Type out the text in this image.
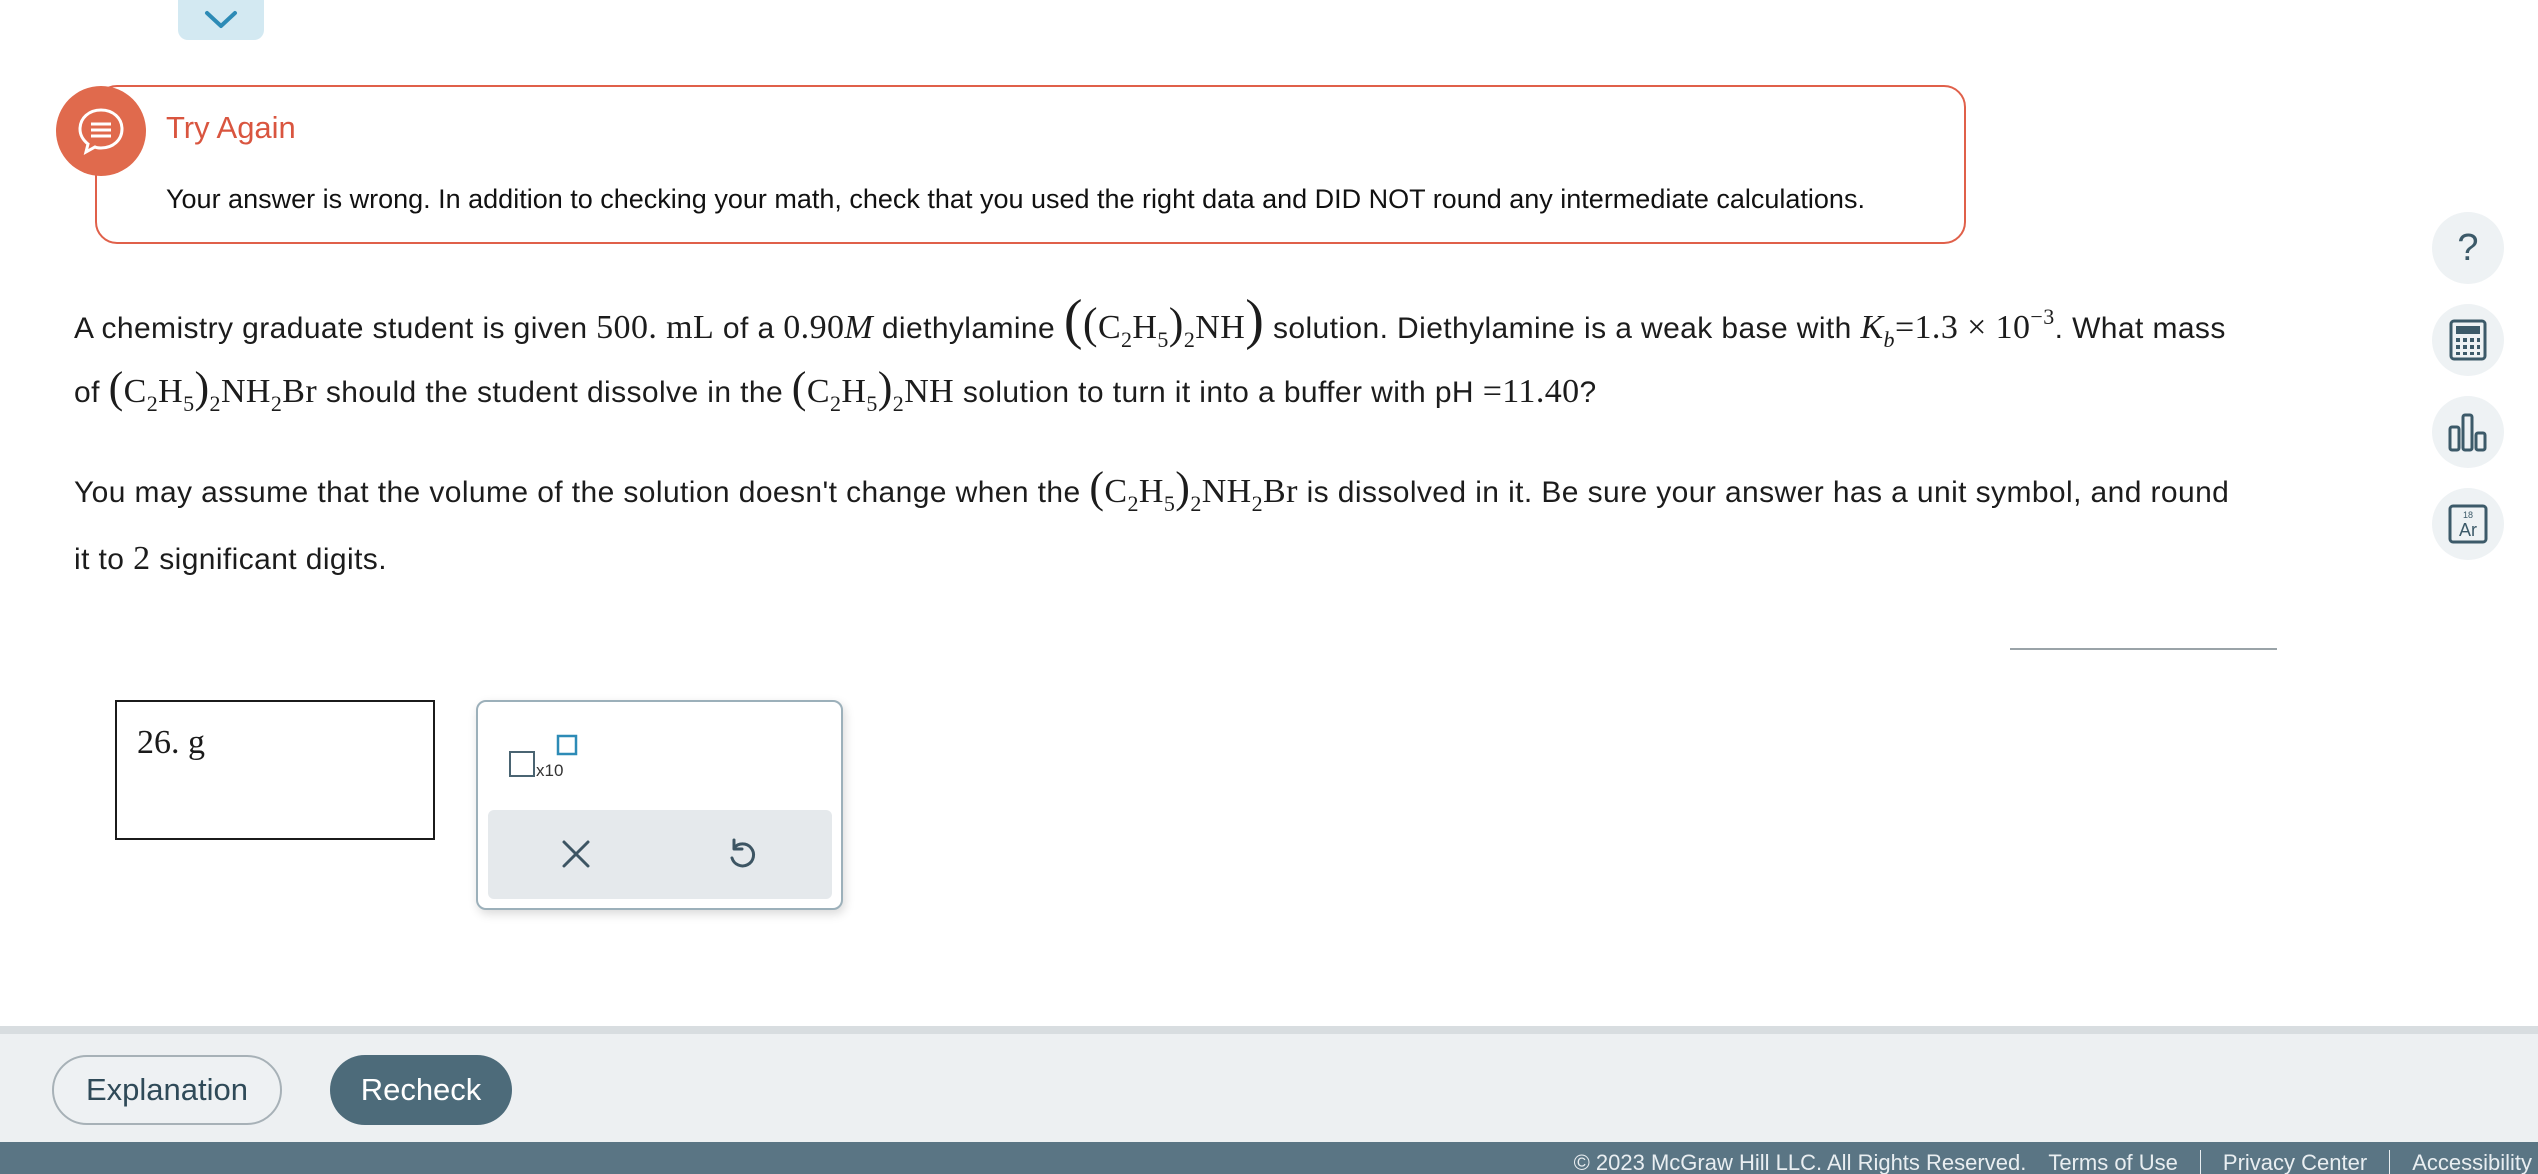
Try Again
Your answer is wrong. In addition to checking your math, check that you used the right data and DID NOT round any intermediate calculations.
A chemistry graduate student is given 500. mL of a 0.90M diethylamine $((C_2H_5)_2NH)$ solution. Diethylamine is a weak base with $K_b=1.3 \times 10^{-3}$. What mass
of $(C_2H_5)_2NH_2Br$ should the student dissolve in the $(C_2H_5)_2NH$ solution to turn it into a buffer with pH =11.40?
You may assume that the volume of the solution doesn't change when the $(C_2H_5)_2NH_2Br$ is dissolved in it. Be sure your answer has a unit symbol, and round
it to 2 significant digits.
26. g
x10
?
18
Ar
Explanation	Recheck
© 2023 McGraw Hill LLC. All Rights Reserved. Terms of Use Privacy Center Accessibility
